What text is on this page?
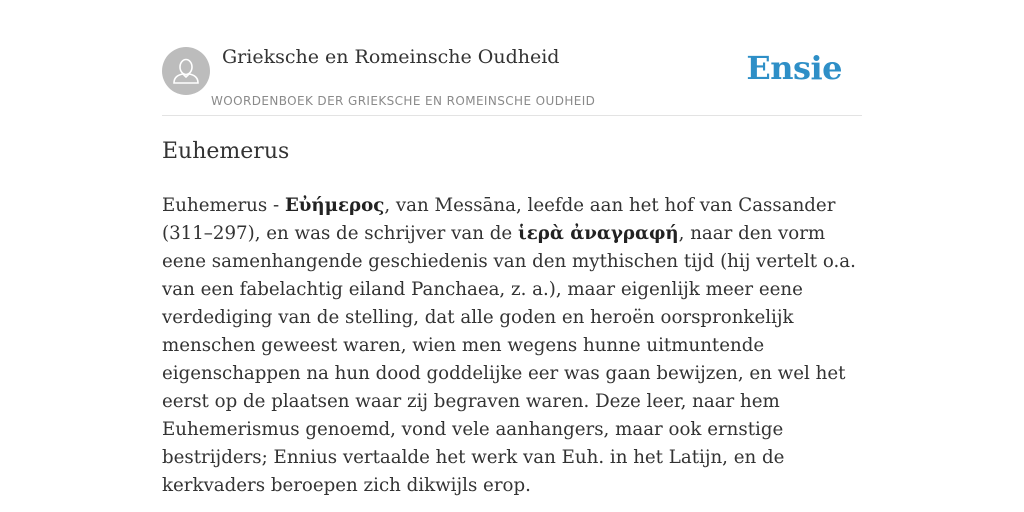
Grieksche en Romeinsche Oudheid
WOORDENBOEK DER GRIEKSCHE EN ROMEINSCHE OUDHEID
Ensie
Euhemerus

Euhemerus - Εὐήμερος, van Messāna, leefde aan het hof van Cassander (311–297), en was de schrijver van de ἱερὰ ἀναγραφή, naar den vorm eene samenhangende geschiedenis van den mythischen tijd (hij vertelt o.a. van een fabelachtig eiland Panchaea, z. a.), maar eigenlijk meer eene verdediging van de stelling, dat alle goden en heroën oorspronkelijk menschen geweest waren, wien men wegens hunne uitmuntende eigenschappen na hun dood goddelijke eer was gaan bewijzen, en wel het eerst op de plaatsen waar zij begraven waren. Deze leer, naar hem Euhemerismus genoemd, vond vele aanhangers, maar ook ernstige bestrijders; Ennius vertaalde het werk van Euh. in het Latijn, en de kerkvaders beroepen zich dikwijls erop.
